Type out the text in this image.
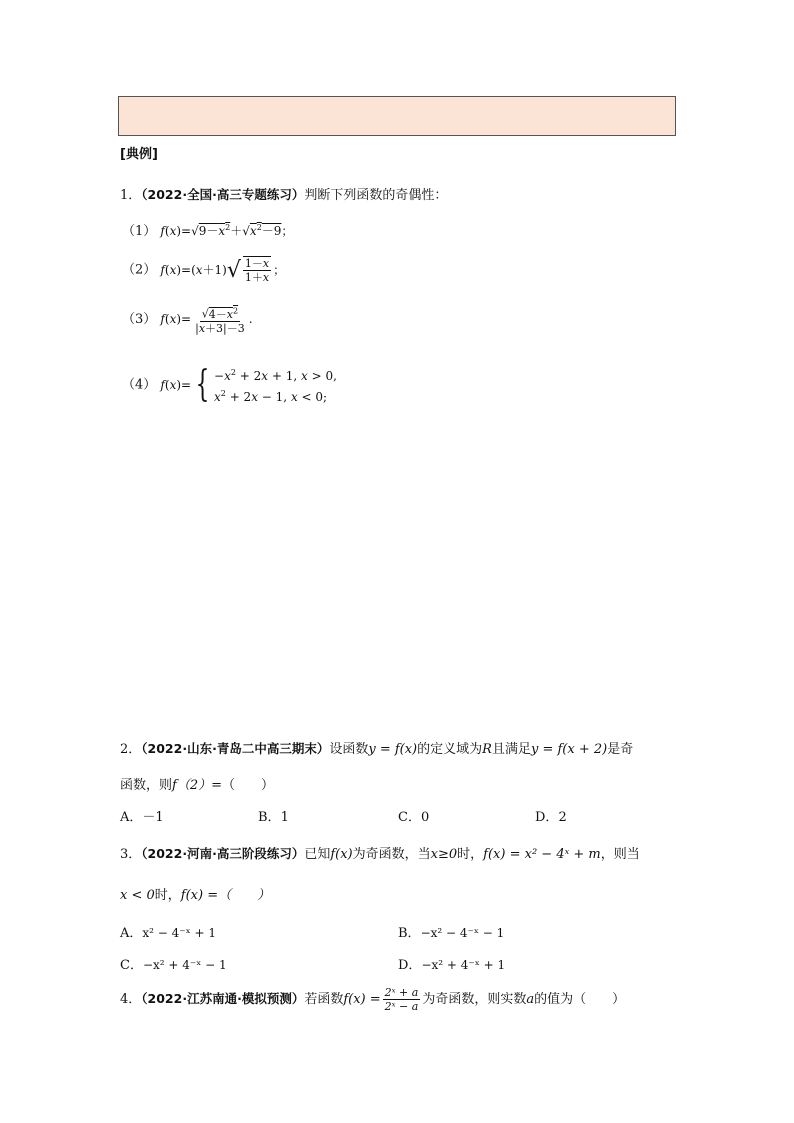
[典例]
1．（2022·全国·高三专题练习）判断下列函数的奇偶性：
（1） $f(x)=√9-x^2+√x^2-9$；
（2） $f(x)=(x+1)√ \frac{1-x}{1+x}$ ；
（3） $f(x)= \frac{√4-x^2}{|x+3|-3}$ .
（4） f(x)= { $-x^2 + 2x + 1$, x > 0,
$x^2 + 2x - 1$, x < 0;
2．（2022·山东·青岛二中高三期末）设函数y = f(x)的定义域为R且满足y = f(x + 2)是奇
函数，则f（2）=（　　）
A．－1	B．1	C．0	D．2
3．（2022·河南·高三阶段练习）已知f(x)为奇函数，当x≥0时，f(x) = x² − 4ˣ + m，则当
x < 0时，f(x) =（　　）
A．x² − 4⁻ˣ + 1	B．−x² − 4⁻ˣ − 1
C．−x² + 4⁻ˣ − 1	D．−x² + 4⁻ˣ + 1
4．（2022·江苏南通·模拟预测）若函数$f(x) = \frac{\text{2ˣ + a}}{\text{2ˣ − a}}$ 为奇函数，则实数a的值为（　　）
